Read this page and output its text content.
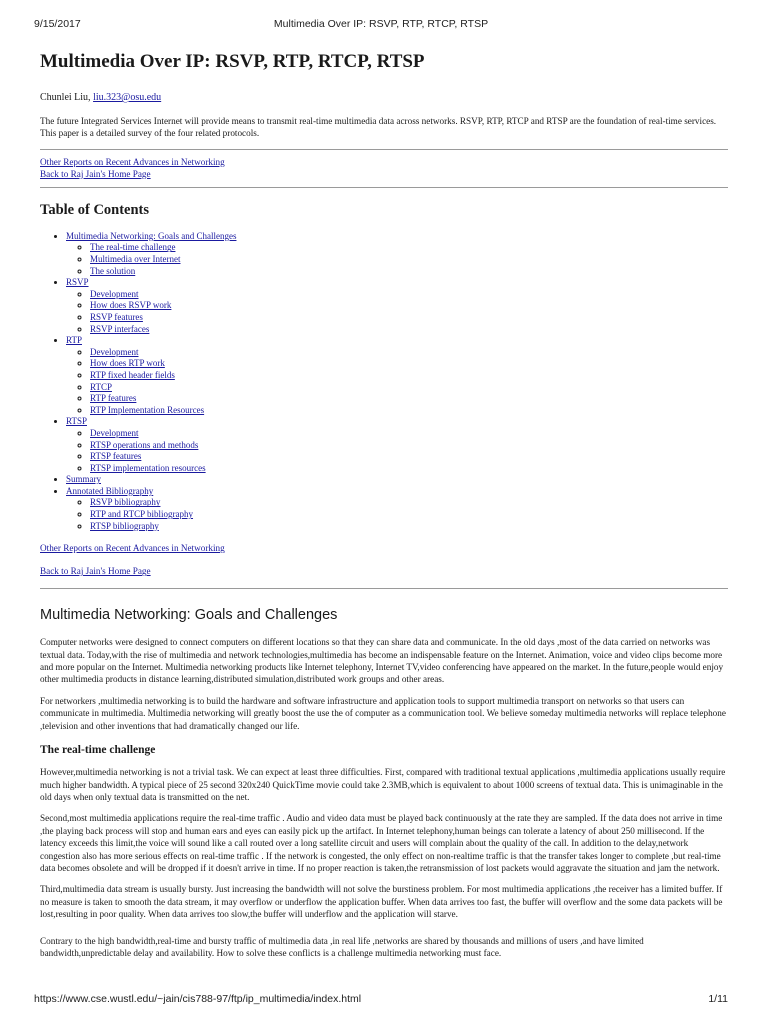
9/15/2017	Multimedia Over IP: RSVP, RTP, RTCP, RTSP
Multimedia Over IP: RSVP, RTP, RTCP, RTSP
Chunlei Liu, liu.323@osu.edu

The future Integrated Services Internet will provide means to transmit real-time multimedia data across networks. RSVP, RTP, RTCP and RTSP are the foundation of real-time services. This paper is a detailed survey of the four related protocols.

Other Reports on Recent Advances in Networking
Back to Raj Jain's Home Page
Table of Contents
• Multimedia Networking: Goals and Challenges
◦ The real-time challenge
◦ Multimedia over Internet
◦ The solution
• RSVP
◦ Development
◦ How does RSVP work
◦ RSVP features
◦ RSVP interfaces
• RTP
◦ Development
◦ How does RTP work
◦ RTP fixed header fields
◦ RTCP
◦ RTP features
◦ RTP Implementation Resources
• RTSP
◦ Development
◦ RTSP operations and methods
◦ RTSP features
◦ RTSP implementation resources
• Summary
• Annotated Bibliography
◦ RSVP bibliography
◦ RTP and RTCP bibliography
◦ RTSP bibliography
Other Reports on Recent Advances in Networking
Back to Raj Jain's Home Page
Multimedia Networking: Goals and Challenges

Computer networks were designed to connect computers on different locations so that they can share data and communicate. In the old days ,most of the data carried on networks was textual data. Today,with the rise of multimedia and network technologies,multimedia has become an indispensable feature on the Internet. Animation, voice and video clips become more and more popular on the Internet. Multimedia networking products like Internet telephony, Internet TV,video conferencing have appeared on the market. In the future,people would enjoy other multimedia products in distance learning,distributed simulation,distributed work groups and other areas.

For networkers ,multimedia networking is to build the hardware and software infrastructure and application tools to support multimedia transport on networks so that users can communicate in multimedia. Multimedia networking will greatly boost the use the of computer as a communication tool. We believe someday multimedia networks will replace telephone ,television and other inventions that had dramatically changed our life.

The real-time challenge

However,multimedia networking is not a trivial task. We can expect at least three difficulties. First, compared with traditional textual applications ,multimedia applications usually require much higher bandwidth. A typical piece of 25 second 320x240 QuickTime movie could take 2.3MB,which is equivalent to about 1000 screens of textual data. This is unimaginable in the old days when only textual data is transmitted on the net.

Second,most multimedia applications require the real-time traffic . Audio and video data must be played back continuously at the rate they are sampled. If the data does not arrive in time ,the playing back process will stop and human ears and eyes can easily pick up the artifact. In Internet telephony,human beings can tolerate a latency of about 250 millisecond. If the latency exceeds this limit,the voice will sound like a call routed over a long satellite circuit and users will complain about the quality of the call. In addition to the delay,network congestion also has more serious effects on real-time traffic . If the network is congested, the only effect on non-realtime traffic is that the transfer takes longer to complete ,but real-time data becomes obsolete and will be dropped if it doesn't arrive in time. If no proper reaction is taken,the retransmission of lost packets would aggravate the situation and jam the network.

Third,multimedia data stream is usually bursty. Just increasing the bandwidth will not solve the burstiness problem. For most multimedia applications ,the receiver has a limited buffer. If no measure is taken to smooth the data stream, it may overflow or underflow the application buffer. When data arrives too fast, the buffer will overflow and the some data packets will be lost,resulting in poor quality. When data arrives too slow,the buffer will underflow and the application will starve.

Contrary to the high bandwidth,real-time and bursty traffic of multimedia data ,in real life ,networks are shared by thousands and millions of users ,and have limited bandwidth,unpredictable delay and availability. How to solve these conflicts is a challenge multimedia networking must face.

https://www.cse.wustl.edu/~jain/cis788-97/ftp/ip_multimedia/index.html	1/11
